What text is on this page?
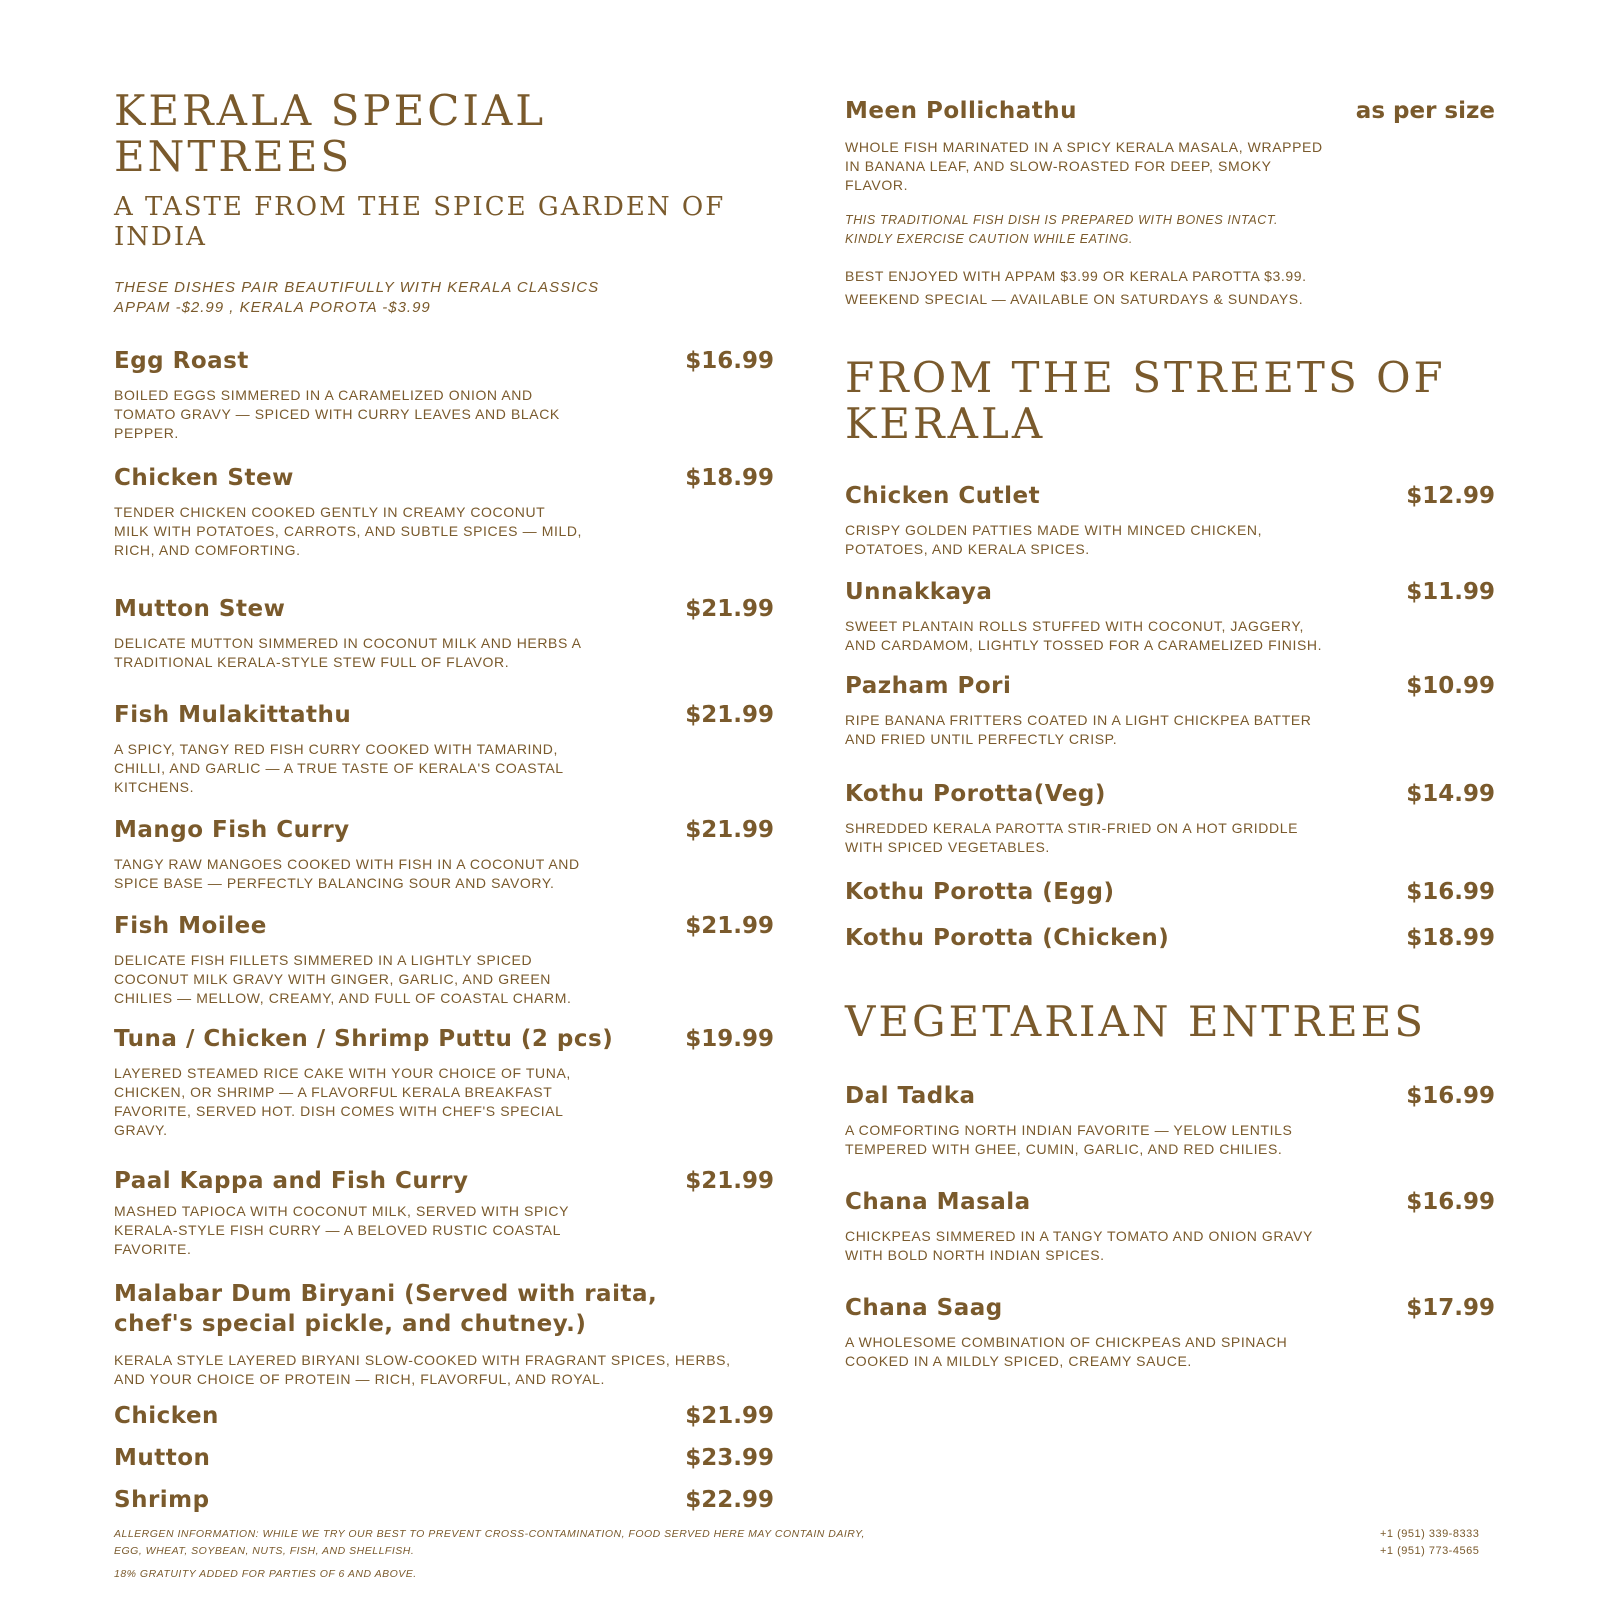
KERALA SPECIAL ENTREES
A TASTE FROM THE SPICE GARDEN OF INDIA
THESE DISHES PAIR BEAUTIFULLY WITH KERALA CLASSICS
APPAM -$2.99 , KERALA POROTA -$3.99
Egg Roast	$16.99
BOILED EGGS SIMMERED IN A CARAMELIZED ONION AND TOMATO GRAVY — SPICED WITH CURRY LEAVES AND BLACK PEPPER.
Chicken Stew	$18.99
TENDER CHICKEN COOKED GENTLY IN CREAMY COCONUT MILK WITH POTATOES, CARROTS, AND SUBTLE SPICES — MILD, RICH, AND COMFORTING.
Mutton Stew	$21.99
DELICATE MUTTON SIMMERED IN COCONUT MILK AND HERBS A TRADITIONAL KERALA-STYLE STEW FULL OF FLAVOR.
Fish Mulakittathu	$21.99
A SPICY, TANGY RED FISH CURRY COOKED WITH TAMARIND, CHILLI, AND GARLIC — A TRUE TASTE OF KERALA'S COASTAL KITCHENS.
Mango Fish Curry	$21.99
TANGY RAW MANGOES COOKED WITH FISH IN A COCONUT AND SPICE BASE — PERFECTLY BALANCING SOUR AND SAVORY.
Fish Moilee	$21.99
DELICATE FISH FILLETS SIMMERED IN A LIGHTLY SPICED COCONUT MILK GRAVY WITH GINGER, GARLIC, AND GREEN CHILIES — MELLOW, CREAMY, AND FULL OF COASTAL CHARM.
Tuna / Chicken / Shrimp Puttu (2 pcs)	$19.99
LAYERED STEAMED RICE CAKE WITH YOUR CHOICE OF TUNA, CHICKEN, OR SHRIMP — A FLAVORFUL KERALA BREAKFAST FAVORITE, SERVED HOT. DISH COMES WITH CHEF'S SPECIAL GRAVY.
Paal Kappa and Fish Curry	$21.99
MASHED TAPIOCA WITH COCONUT MILK, SERVED WITH SPICY KERALA-STYLE FISH CURRY — A BELOVED RUSTIC COASTAL FAVORITE.
Malabar Dum Biryani (Served with raita, chef's special pickle, and chutney.)
KERALA STYLE LAYERED BIRYANI SLOW-COOKED WITH FRAGRANT SPICES, HERBS, AND YOUR CHOICE OF PROTEIN — RICH, FLAVORFUL, AND ROYAL.
Chicken	$21.99
Mutton	$23.99
Shrimp	$22.99
Meen Pollichathu	as per size
WHOLE FISH MARINATED IN A SPICY KERALA MASALA, WRAPPED IN BANANA LEAF, AND SLOW-ROASTED FOR DEEP, SMOKY FLAVOR.
THIS TRADITIONAL FISH DISH IS PREPARED WITH BONES INTACT. KINDLY EXERCISE CAUTION WHILE EATING.
BEST ENJOYED WITH APPAM $3.99 OR KERALA PAROTTA $3.99.
WEEKEND SPECIAL — AVAILABLE ON SATURDAYS & SUNDAYS.
FROM THE STREETS OF
KERALA
Chicken Cutlet	$12.99
CRISPY GOLDEN PATTIES MADE WITH MINCED CHICKEN, POTATOES, AND KERALA SPICES.
Unnakkaya	$11.99
SWEET PLANTAIN ROLLS STUFFED WITH COCONUT, JAGGERY, AND CARDAMOM, LIGHTLY TOSSED FOR A CARAMELIZED FINISH.
Pazham Pori	$10.99
RIPE BANANA FRITTERS COATED IN A LIGHT CHICKPEA BATTER AND FRIED UNTIL PERFECTLY CRISP.
Kothu Porotta(Veg)	$14.99
SHREDDED KERALA PAROTTA STIR-FRIED ON A HOT GRIDDLE WITH SPICED VEGETABLES.
Kothu Porotta (Egg)	$16.99
Kothu Porotta (Chicken)	$18.99
VEGETARIAN ENTREES
Dal Tadka	$16.99
A COMFORTING NORTH INDIAN FAVORITE — YELOW LENTILS TEMPERED WITH GHEE, CUMIN, GARLIC, AND RED CHILIES.
Chana Masala	$16.99
CHICKPEAS SIMMERED IN A TANGY TOMATO AND ONION GRAVY WITH BOLD NORTH INDIAN SPICES.
Chana Saag	$17.99
A WHOLESOME COMBINATION OF CHICKPEAS AND SPINACH COOKED IN A MILDLY SPICED, CREAMY SAUCE.
ALLERGEN INFORMATION: WHILE WE TRY OUR BEST TO PREVENT CROSS-CONTAMINATION, FOOD SERVED HERE MAY CONTAIN DAIRY, EGG, WHEAT, SOYBEAN, NUTS, FISH, AND SHELLFISH.
18% GRATUITY ADDED FOR PARTIES OF 6 AND ABOVE.
+1 (951) 339-8333
+1 (951) 773-4565
